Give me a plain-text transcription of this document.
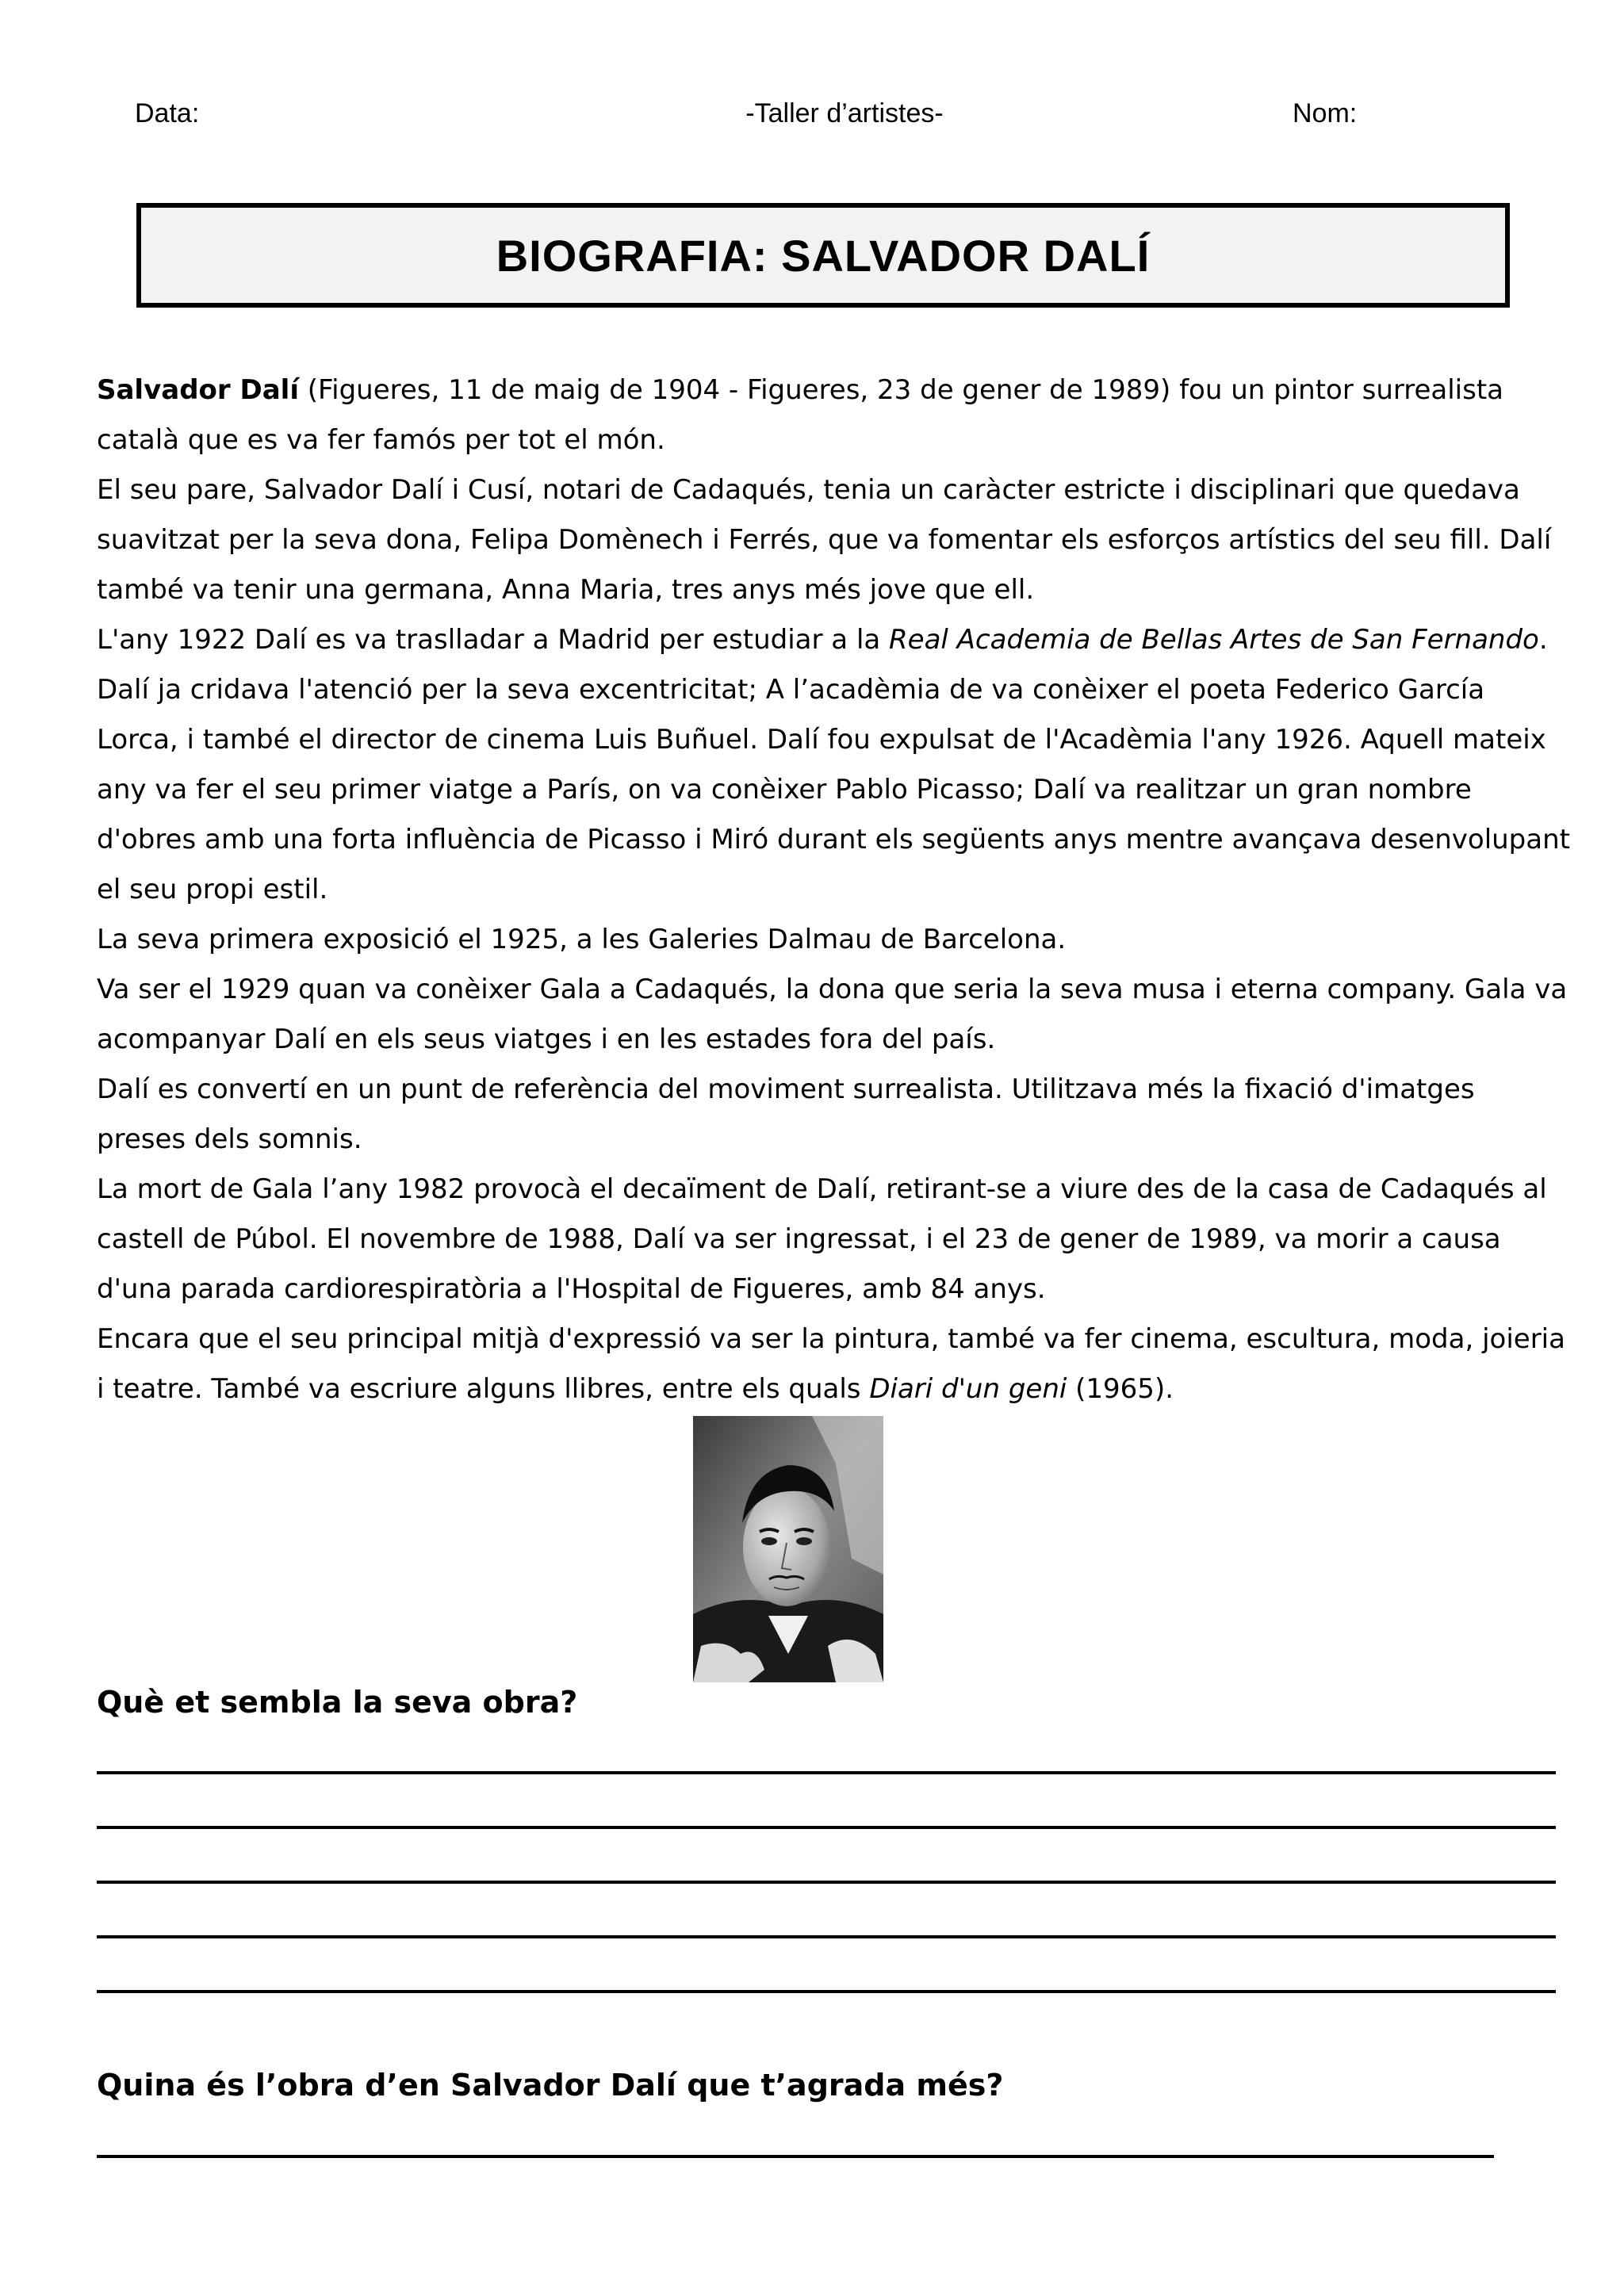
Data:	-Taller d’artistes-	Nom:
BIOGRAFIA: SALVADOR DALÍ

Salvador Dalí (Figueres, 11 de maig de 1904 - Figueres, 23 de gener de 1989) fou un pintor surrealista català que es va fer famós per tot el món.

El seu pare, Salvador Dalí i Cusí, notari de Cadaqués, tenia un caràcter estricte i disciplinari que quedava suavitzat per la seva dona, Felipa Domènech i Ferrés, que va fomentar els esforços artístics del seu fill. Dalí també va tenir una germana, Anna Maria, tres anys més jove que ell.

L'any 1922 Dalí es va traslladar a Madrid per estudiar a la Real Academia de Bellas Artes de San Fernando. Dalí ja cridava l'atenció per la seva excentricitat; A l’acadèmia de va conèixer el poeta Federico García Lorca, i també el director de cinema Luis Buñuel. Dalí fou expulsat de l'Acadèmia l'any 1926. Aquell mateix any va fer el seu primer viatge a París, on va conèixer Pablo Picasso; Dalí va realitzar un gran nombre d'obres amb una forta influència de Picasso i Miró durant els següents anys mentre avançava desenvolupant el seu propi estil.

La seva primera exposició el 1925, a les Galeries Dalmau de Barcelona.

Va ser el 1929 quan va conèixer Gala a Cadaqués, la dona que seria la seva musa i eterna company. Gala va acompanyar Dalí en els seus viatges i en les estades fora del país.

Dalí es convertí en un punt de referència del moviment surrealista. Utilitzava més la fixació d'imatges preses dels somnis.

La mort de Gala l’any 1982 provocà el decaïment de Dalí, retirant-se a viure des de la casa de Cadaqués al castell de Púbol. El novembre de 1988, Dalí va ser ingressat, i el 23 de gener de 1989, va morir a causa d'una parada cardiorespiratòria a l'Hospital de Figueres, amb 84 anys.

Encara que el seu principal mitjà d'expressió va ser la pintura, també va fer cinema, escultura, moda, joieria i teatre. També va escriure alguns llibres, entre els quals Diari d'un geni (1965).

Què et sembla la seva obra?
Quina és l’obra d’en Salvador Dalí que t’agrada més?
